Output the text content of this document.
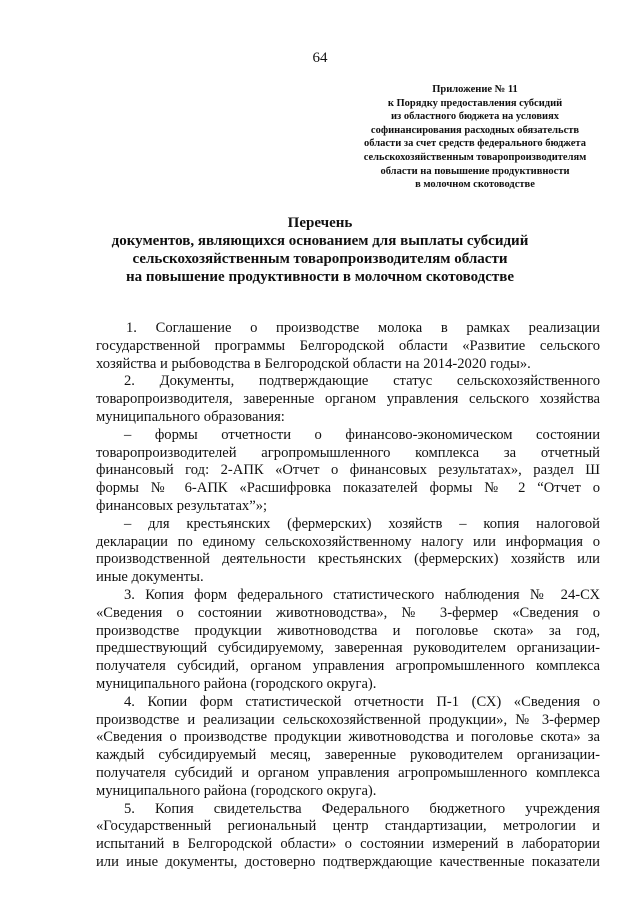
64
Приложение № 11
к Порядку предоставления субсидий
из областного бюджета на условиях
софинансирования расходных обязательств
области за счет средств федерального бюджета
сельскохозяйственным товаропроизводителям
области на повышение продуктивности
в молочном скотоводстве
Перечень
документов, являющихся основанием для выплаты субсидий
сельскохозяйственным товаропроизводителям области
на повышение продуктивности в молочном скотоводстве
1. Соглашение о производстве молока в рамках реализации
государственной программы Белгородской области «Развитие сельского
хозяйства и рыбоводства в Белгородской области на 2014-2020 годы».
2. Документы, подтверждающие статус сельскохозяйственного
товаропроизводителя, заверенные органом управления сельского хозяйства
муниципального образования:
– формы отчетности о финансово-экономическом состоянии
товаропроизводителей агропромышленного комплекса за отчетный
финансовый год: 2-АПК «Отчет о финансовых результатах», раздел Ш
формы № 6-АПК «Расшифровка показателей формы № 2 “Отчет о
финансовых результатах”»;
– для крестьянских (фермерских) хозяйств – копия налоговой
декларации по единому сельскохозяйственному налогу или информация о
производственной деятельности крестьянских (фермерских) хозяйств или
иные документы.
3. Копия форм федерального статистического наблюдения № 24-СХ
«Сведения о состоянии животноводства», № 3-фермер «Сведения о
производстве продукции животноводства и поголовье скота» за год,
предшествующий субсидируемому, заверенная руководителем организации-
получателя субсидий, органом управления агропромышленного комплекса
муниципального района (городского округа).
4. Копии форм статистической отчетности П-1 (СХ) «Сведения о
производстве и реализации сельскохозяйственной продукции», № 3-фермер
«Сведения о производстве продукции животноводства и поголовье скота» за
каждый субсидируемый месяц, заверенные руководителем организации-
получателя субсидий и органом управления агропромышленного комплекса
муниципального района (городского округа).
5. Копия свидетельства Федерального бюджетного учреждения
«Государственный региональный центр стандартизации, метрологии и
испытаний в Белгородской области» о состоянии измерений в лаборатории
или иные документы, достоверно подтверждающие качественные показатели
